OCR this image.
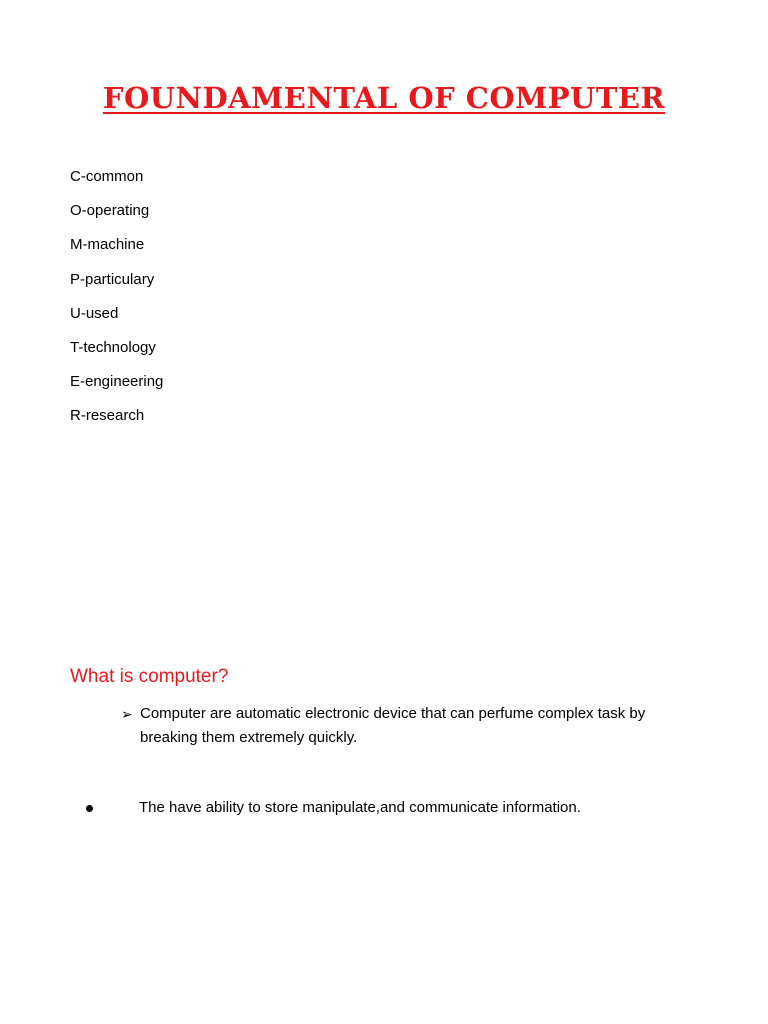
FOUNDAMENTAL OF COMPUTER
C-common
O-operating
M-machine
P-particulary
U-used
T-technology
E-engineering
R-research
What is computer?
➢ Computer are automatic electronic device that can perfume complex task by breaking them extremely quickly.
The have ability to store manipulate,and communicate information.
